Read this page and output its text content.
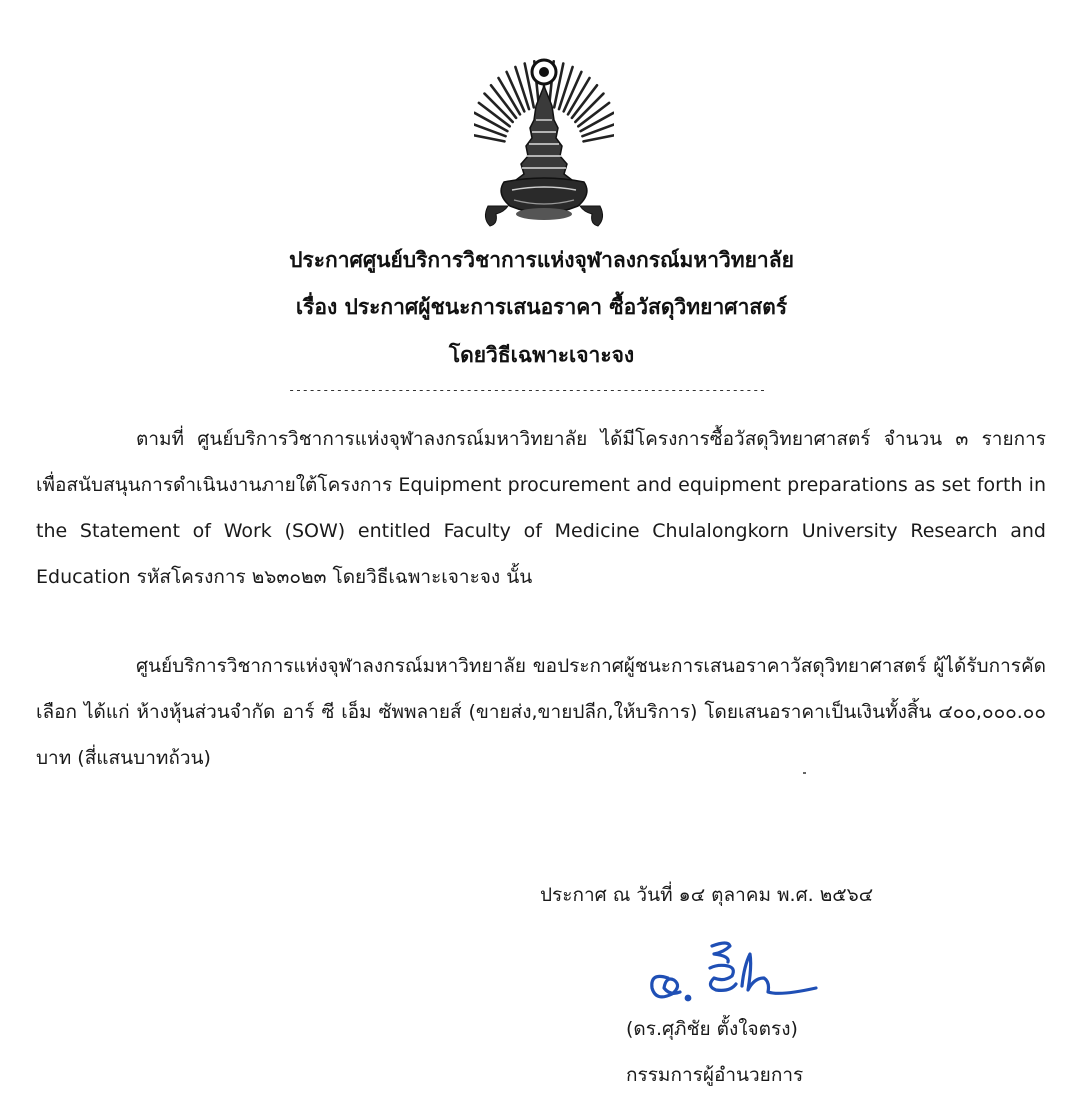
ประกาศศูนย์บริการวิชาการแห่งจุฬาลงกรณ์มหาวิทยาลัย
เรื่อง ประกาศผู้ชนะการเสนอราคา ซื้อวัสดุวิทยาศาสตร์
โดยวิธีเฉพาะเจาะจง
----------------------------------------------------------------------
ตามที่ ศูนย์บริการวิชาการแห่งจุฬาลงกรณ์มหาวิทยาลัย ได้มีโครงการซื้อวัสดุวิทยาศาสตร์ จำนวน ๓ รายการ เพื่อสนับสนุนการดำเนินงานภายใต้โครงการ Equipment procurement and equipment preparations as set forth in the Statement of Work (SOW) entitled Faculty of Medicine Chulalongkorn University Research and Education รหัสโครงการ ๒๖๓๐๒๓ โดยวิธีเฉพาะเจาะจง นั้น
ศูนย์บริการวิชาการแห่งจุฬาลงกรณ์มหาวิทยาลัย ขอประกาศผู้ชนะการเสนอราคาวัสดุวิทยาศาสตร์ ผู้ได้รับการคัดเลือก ได้แก่ ห้างหุ้นส่วนจำกัด อาร์ ซี เอ็ม ซัพพลายส์ (ขายส่ง,ขายปลีก,ให้บริการ) โดยเสนอราคาเป็นเงินทั้งสิ้น ๔๐๐,๐๐๐.๐๐ บาท (สี่แสนบาทถ้วน)
ประกาศ ณ วันที่ ๑๔ ตุลาคม พ.ศ. ๒๕๖๔
(ดร.ศุภิชัย ตั้งใจตรง)
กรรมการผู้อำนวยการ
